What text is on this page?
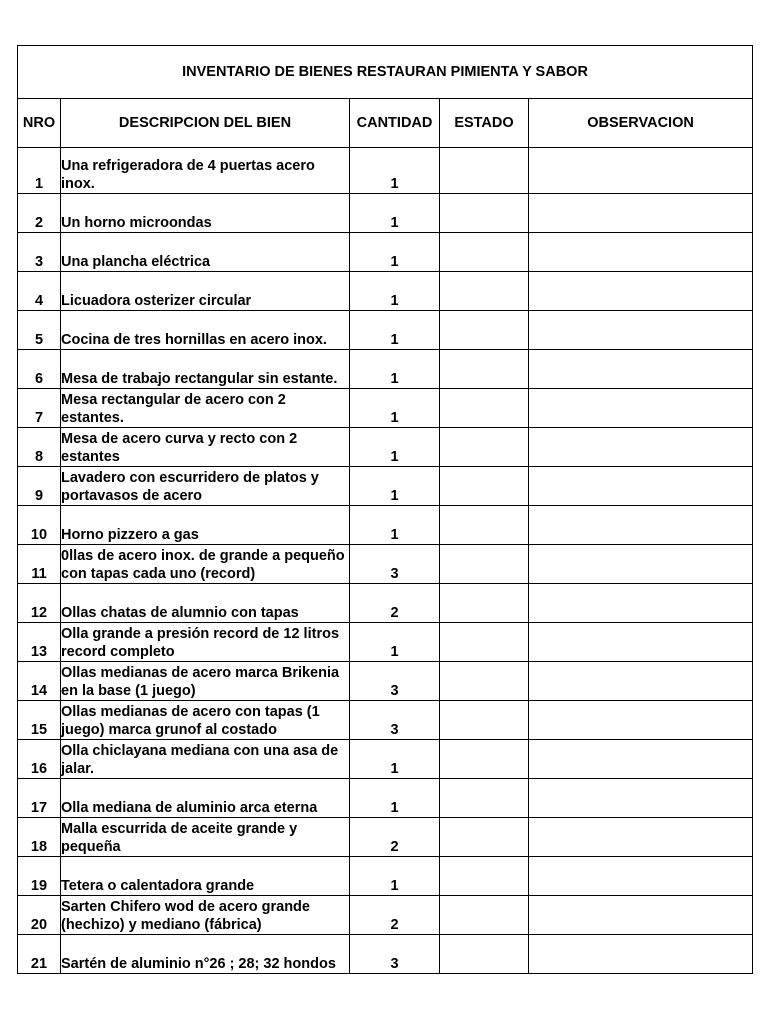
INVENTARIO DE BIENES RESTAURAN PIMIENTA Y SABOR				
NRO	DESCRIPCION DEL BIEN	CANTIDAD	ESTADO	OBSERVACION
1	Una refrigeradora de 4 puertas acero inox.	1		
2	Un horno microondas	1		
3	Una plancha eléctrica	1		
4	Licuadora osterizer circular	1		
5	Cocina de tres hornillas en acero inox.	1		
6	Mesa de trabajo rectangular sin estante.	1		
7	Mesa rectangular de acero con 2 estantes.	1		
8	Mesa de acero curva y recto con 2 estantes	1		
9	Lavadero con escurridero de platos y portavasos de acero	1		
10	Horno pizzero a gas	1		
11	0llas de acero inox. de grande a pequeño con tapas cada uno (record)	3		
12	Ollas chatas de alumnio con tapas	2		
13	Olla grande a presión record de 12 litros record completo	1		
14	Ollas medianas de acero marca Brikenia en la base (1 juego)	3		
15	Ollas medianas de acero con tapas (1 juego) marca grunof al costado	3		
16	Olla chiclayana mediana con una asa de jalar.	1		
17	Olla mediana de aluminio arca eterna	1		
18	Malla escurrida de aceite grande y pequeña	2		
19	Tetera o calentadora grande	1		
20	Sarten Chifero wod de acero grande (hechizo) y mediano (fábrica)	2		
21	Sartén de aluminio n°26 ; 28; 32 hondos	3		
